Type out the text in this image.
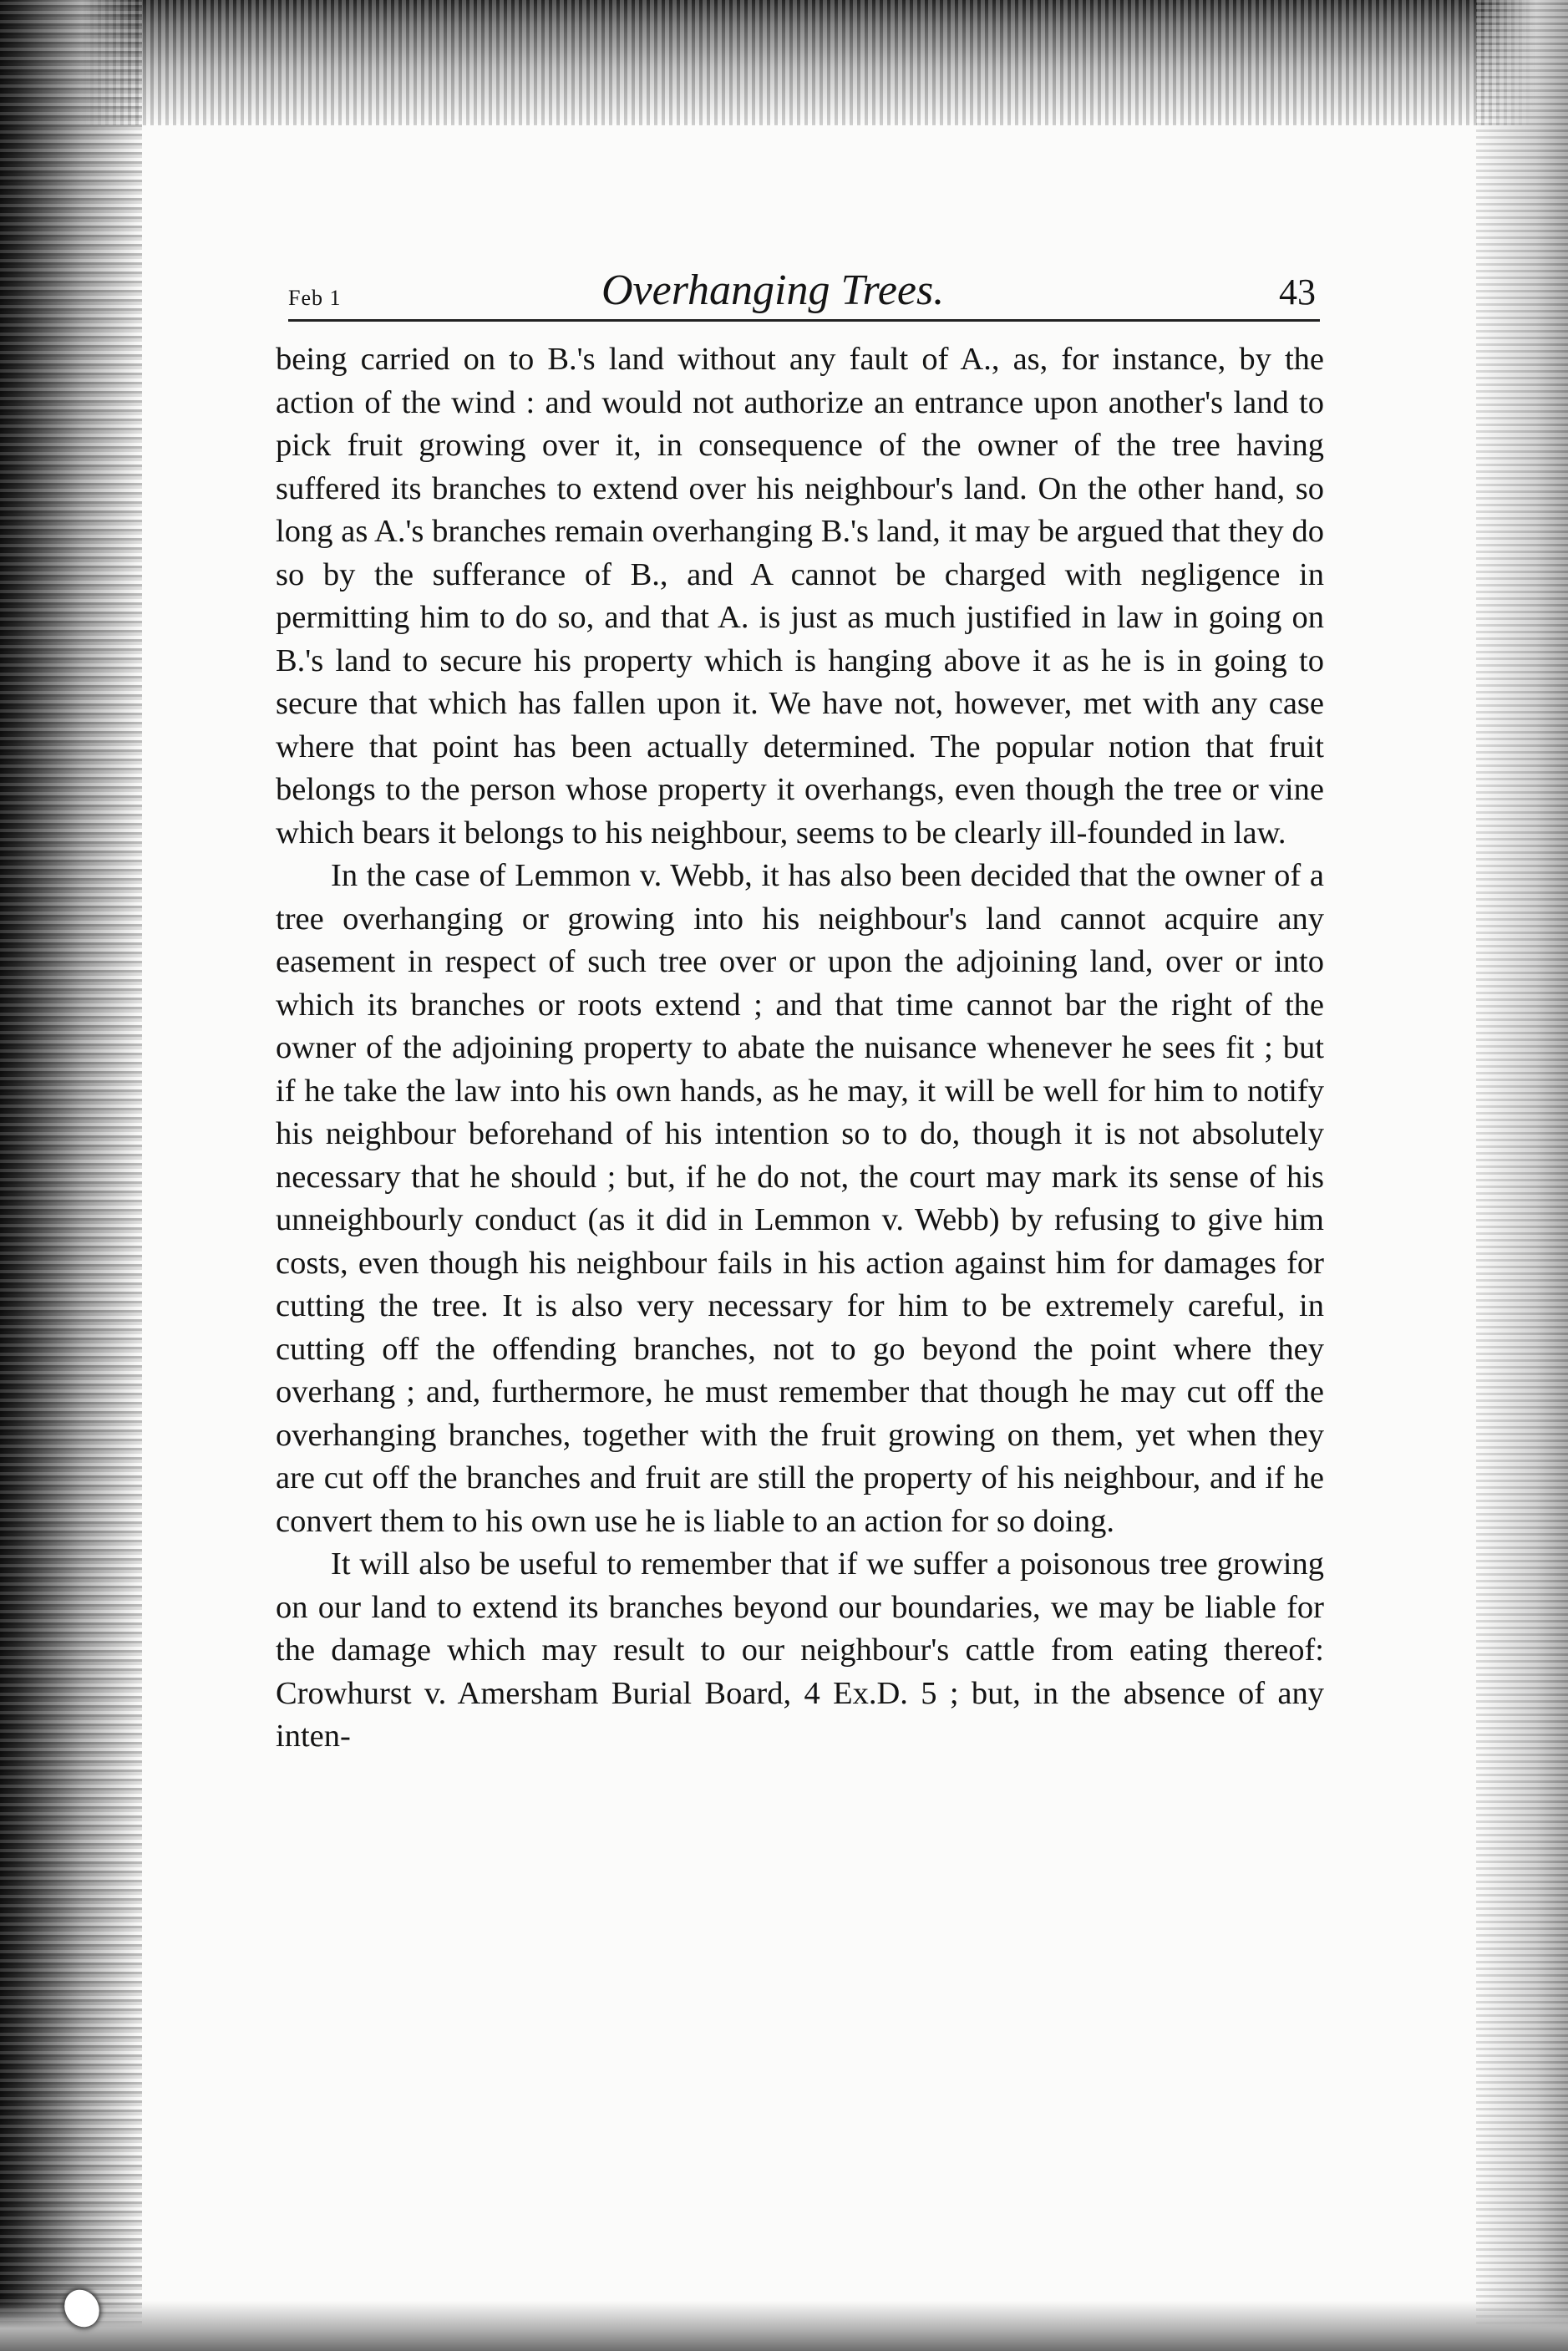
Feb 1	Overhanging Trees.	43

being carried on to B.'s land without any fault of A., as, for instance, by the action of the wind : and would not authorize an entrance upon another's land to pick fruit growing over it, in consequence of the owner of the tree having suffered its branches to extend over his neighbour's land. On the other hand, so long as A.'s branches remain overhanging B.'s land, it may be argued that they do so by the sufferance of B., and A cannot be charged with negligence in permitting him to do so, and that A. is just as much justified in law in going on B.'s land to secure his property which is hanging above it as he is in going to secure that which has fallen upon it. We have not, however, met with any case where that point has been actually determined. The popular notion that fruit belongs to the person whose property it overhangs, even though the tree or vine which bears it belongs to his neighbour, seems to be clearly ill-founded in law.

In the case of Lemmon v. Webb, it has also been decided that the owner of a tree overhanging or growing into his neighbour's land cannot acquire any easement in respect of such tree over or upon the adjoining land, over or into which its branches or roots extend ; and that time cannot bar the right of the owner of the adjoining property to abate the nuisance whenever he sees fit ; but if he take the law into his own hands, as he may, it will be well for him to notify his neighbour beforehand of his intention so to do, though it is not absolutely necessary that he should ; but, if he do not, the court may mark its sense of his unneighbourly conduct (as it did in Lemmon v. Webb) by refusing to give him costs, even though his neighbour fails in his action against him for damages for cutting the tree. It is also very necessary for him to be extremely careful, in cutting off the offending branches, not to go beyond the point where they overhang ; and, furthermore, he must remember that though he may cut off the overhanging branches, together with the fruit growing on them, yet when they are cut off the branches and fruit are still the property of his neighbour, and if he convert them to his own use he is liable to an action for so doing.

It will also be useful to remember that if we suffer a poisonous tree growing on our land to extend its branches beyond our boundaries, we may be liable for the damage which may result to our neighbour's cattle from eating thereof: Crowhurst v. Amersham Burial Board, 4 Ex.D. 5 ; but, in the absence of any inten-
